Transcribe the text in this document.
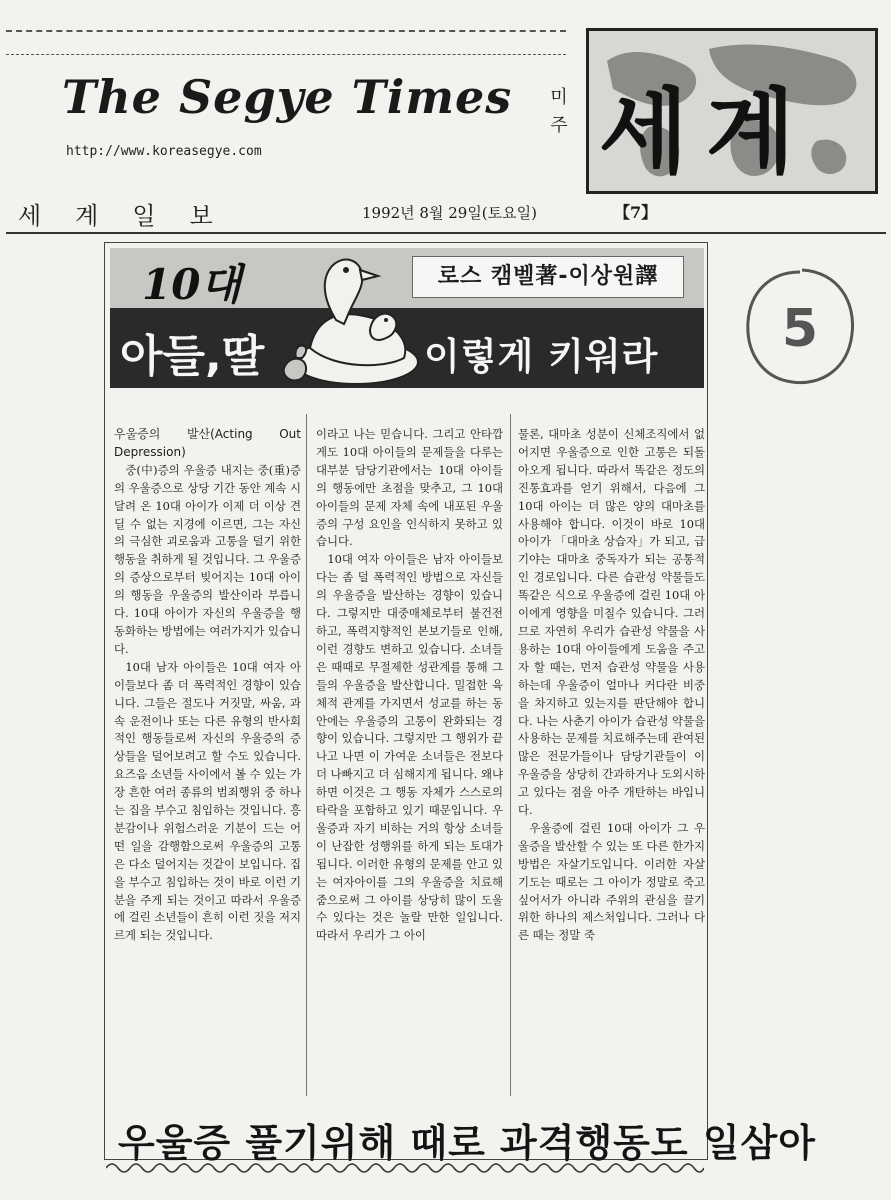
The Segye Times
http://www.koreasegye.com
미주 세계
세계일보	1992년 8월 29일(토요일)	【7】
10대	로스 캠벨著-이상원譯
아들,딸	이렇게 키워라

우울증의 발산(Acting Out Depression)

중(中)증의 우울증 내지는 중(重)증의 우울증으로 상당 기간 동안 계속 시달려 온 10대 아이가 이제 더 이상 견딜 수 없는 지경에 이르면, 그는 자신의 극심한 괴로움과 고통을 덜기 위한 행동을 취하게 될 것입니다. 그 우울증의 증상으로부터 빚어지는 10대 아이의 행동을 우울증의 발산이라 부릅니다. 10대 아이가 자신의 우울증을 행동화하는 방법에는 여러가지가 있습니다.

10대 남자 아이들은 10대 여자 아이들보다 좀 더 폭력적인 경향이 있습니다. 그들은 절도나 거짓말, 싸움, 과속 운전이나 또는 다른 유형의 반사회적인 행동들로써 자신의 우울증의 증상들을 덜어보려고 할 수도 있습니다. 요즈음 소년들 사이에서 볼 수 있는 가장 흔한 여러 종류의 범죄행위 중 하나는 집을 부수고 침입하는 것입니다. 흥분감이나 위험스러운 기분이 드는 어떤 일을 감행함으로써 우울증의 고통은 다소 덜어지는 것같이 보입니다. 집을 부수고 침입하는 것이 바로 이런 기분을 주게 되는 것이고 따라서 우울증에 걸린 소년들이 흔히 이런 짓을 저지르게 되는 것입니다.

이라고 나는 믿습니다. 그리고 안타깝게도 10대 아이들의 문제들을 다루는 대부분 담당기관에서는 10대 아이들의 행동에만 초점을 맞추고, 그 10대 아이들의 문제 자체 속에 내포된 우울증의 구성 요인을 인식하지 못하고 있습니다.

10대 여자 아이들은 남자 아이들보다는 좀 덜 폭력적인 방법으로 자신들의 우울증을 발산하는 경향이 있습니다. 그렇지만 대중매체로부터 불건전하고, 폭력지향적인 본보기들로 인해, 이런 경향도 변하고 있습니다. 소녀들은 때때로 무절제한 성관계를 통해 그들의 우울증을 발산합니다. 밀접한 육체적 관계를 가지면서 성교를 하는 동안에는 우울증의 고통이 완화되는 경향이 있습니다. 그렇지만 그 행위가 끝나고 나면 이 가여운 소녀들은 전보다 더 나빠지고 더 심해지게 됩니다. 왜냐하면 이것은 그 행동 자체가 스스로의 타락을 포함하고 있기 때문입니다. 우울증과 자기 비하는 거의 항상 소녀들이 난잡한 성행위를 하게 되는 토대가 됩니다. 이러한 유형의 문제를 안고 있는 여자아이를 그의 우울증을 치료해줌으로써 그 아이를 상당히 많이 도울 수 있다는 것은 놀랄 만한 일입니다. 따라서 우리가 그 아이

물론, 대마초 성분이 신체조직에서 없어지면 우울증으로 인한 고통은 되돌아오게 됩니다. 따라서 똑같은 정도의 진통효과를 얻기 위해서, 다음에 그 10대 아이는 더 많은 양의 대마초를 사용해야 합니다. 이것이 바로 10대 아이가 「대마초 상습자」가 되고, 급기야는 대마초 중독자가 되는 공통적인 경로입니다. 다른 습관성 약물들도 똑같은 식으로 우울증에 걸린 10대 아이에게 영향을 미칠수 있습니다. 그러므로 자연히 우리가 습관성 약물을 사용하는 10대 아이들에게 도움을 주고자 할 때는, 먼저 습관성 약물을 사용하는데 우울증이 얼마나 커다란 비중을 차지하고 있는지를 판단해야 합니다. 나는 사춘기 아이가 습관성 약물을 사용하는 문제를 치료해주는데 관여된 많은 전문가들이나 담당기관들이 이 우울증을 상당히 간과하거나 도외시하고 있다는 점을 아주 개탄하는 바입니다.

우울증에 걸린 10대 아이가 그 우울증을 발산할 수 있는 또 다른 한가지 방법은 자살기도입니다. 이러한 자살기도는 때로는 그 아이가 정말로 죽고 싶어서가 아니라 주위의 관심을 끌기 위한 하나의 제스처입니다. 그러나 다른 때는 정말 죽

우울증 풀기위해 때로 과격행동도 일삼아
5
